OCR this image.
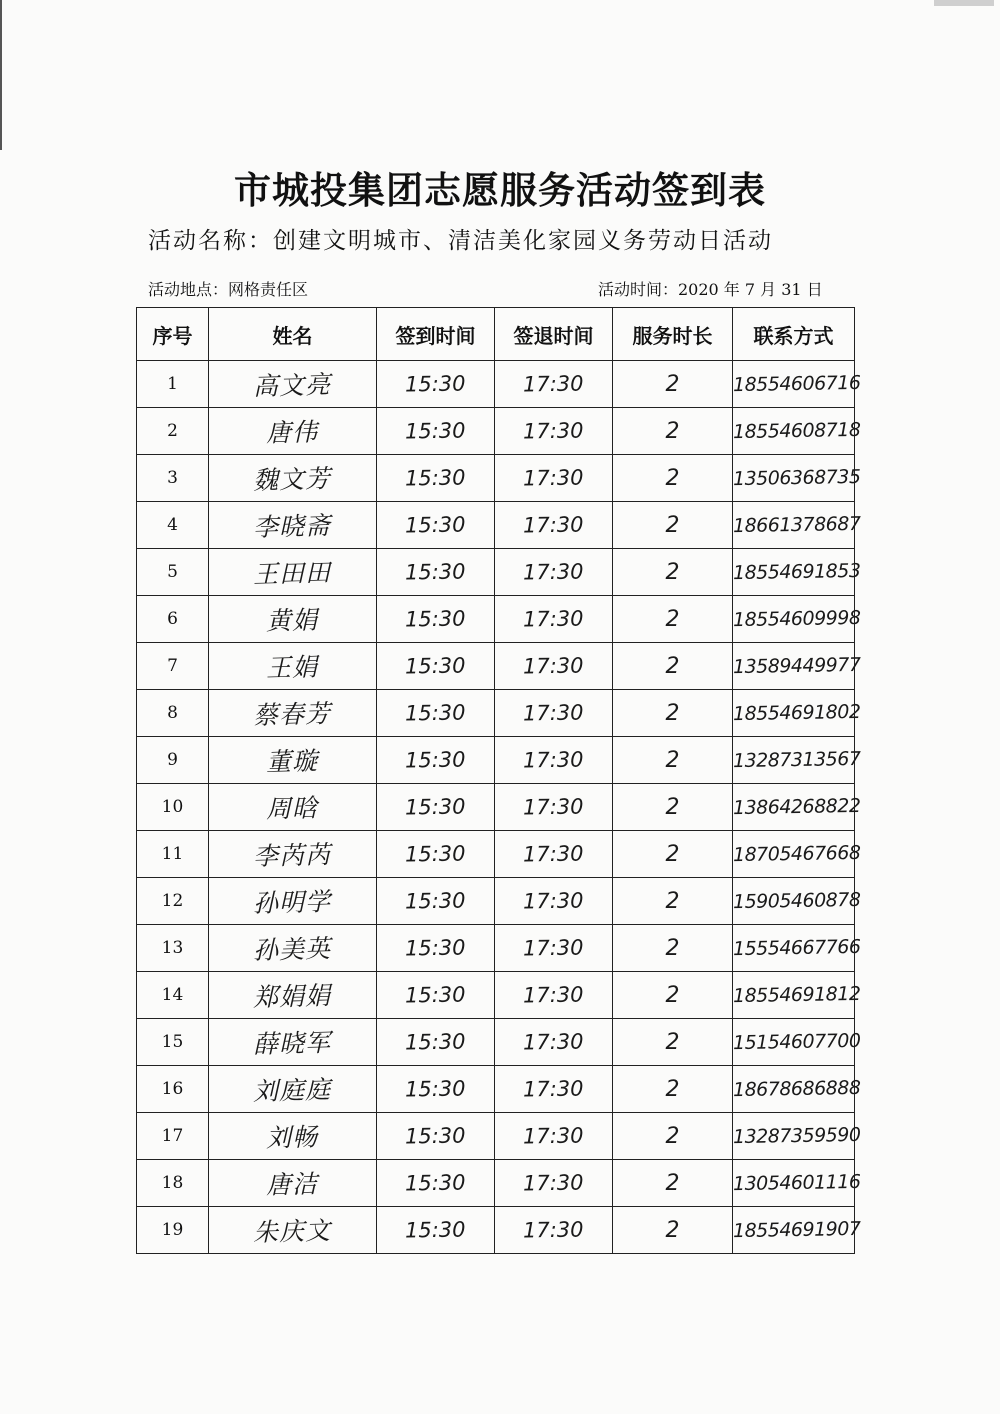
市城投集团志愿服务活动签到表
活动名称：创建文明城市、清洁美化家园义务劳动日活动
活动地点：网格责任区	活动时间：2020 年 7 月 31 日
序号	姓名	签到时间	签退时间	服务时长	联系方式
1	高文亮	15:30	17:30	2	18554606716
2	唐伟	15:30	17:30	2	18554608718
3	魏文芳	15:30	17:30	2	13506368735
4	李晓斋	15:30	17:30	2	18661378687
5	王田田	15:30	17:30	2	18554691853
6	黄娟	15:30	17:30	2	18554609998
7	王娟	15:30	17:30	2	13589449977
8	蔡春芳	15:30	17:30	2	18554691802
9	董璇	15:30	17:30	2	13287313567
10	周晗	15:30	17:30	2	13864268822
11	李芮芮	15:30	17:30	2	18705467668
12	孙明学	15:30	17:30	2	15905460878
13	孙美英	15:30	17:30	2	15554667766
14	郑娟娟	15:30	17:30	2	18554691812
15	薛晓军	15:30	17:30	2	15154607700
16	刘庭庭	15:30	17:30	2	18678686888
17	刘畅	15:30	17:30	2	13287359590
18	唐洁	15:30	17:30	2	13054601116
19	朱庆文	15:30	17:30	2	18554691907
